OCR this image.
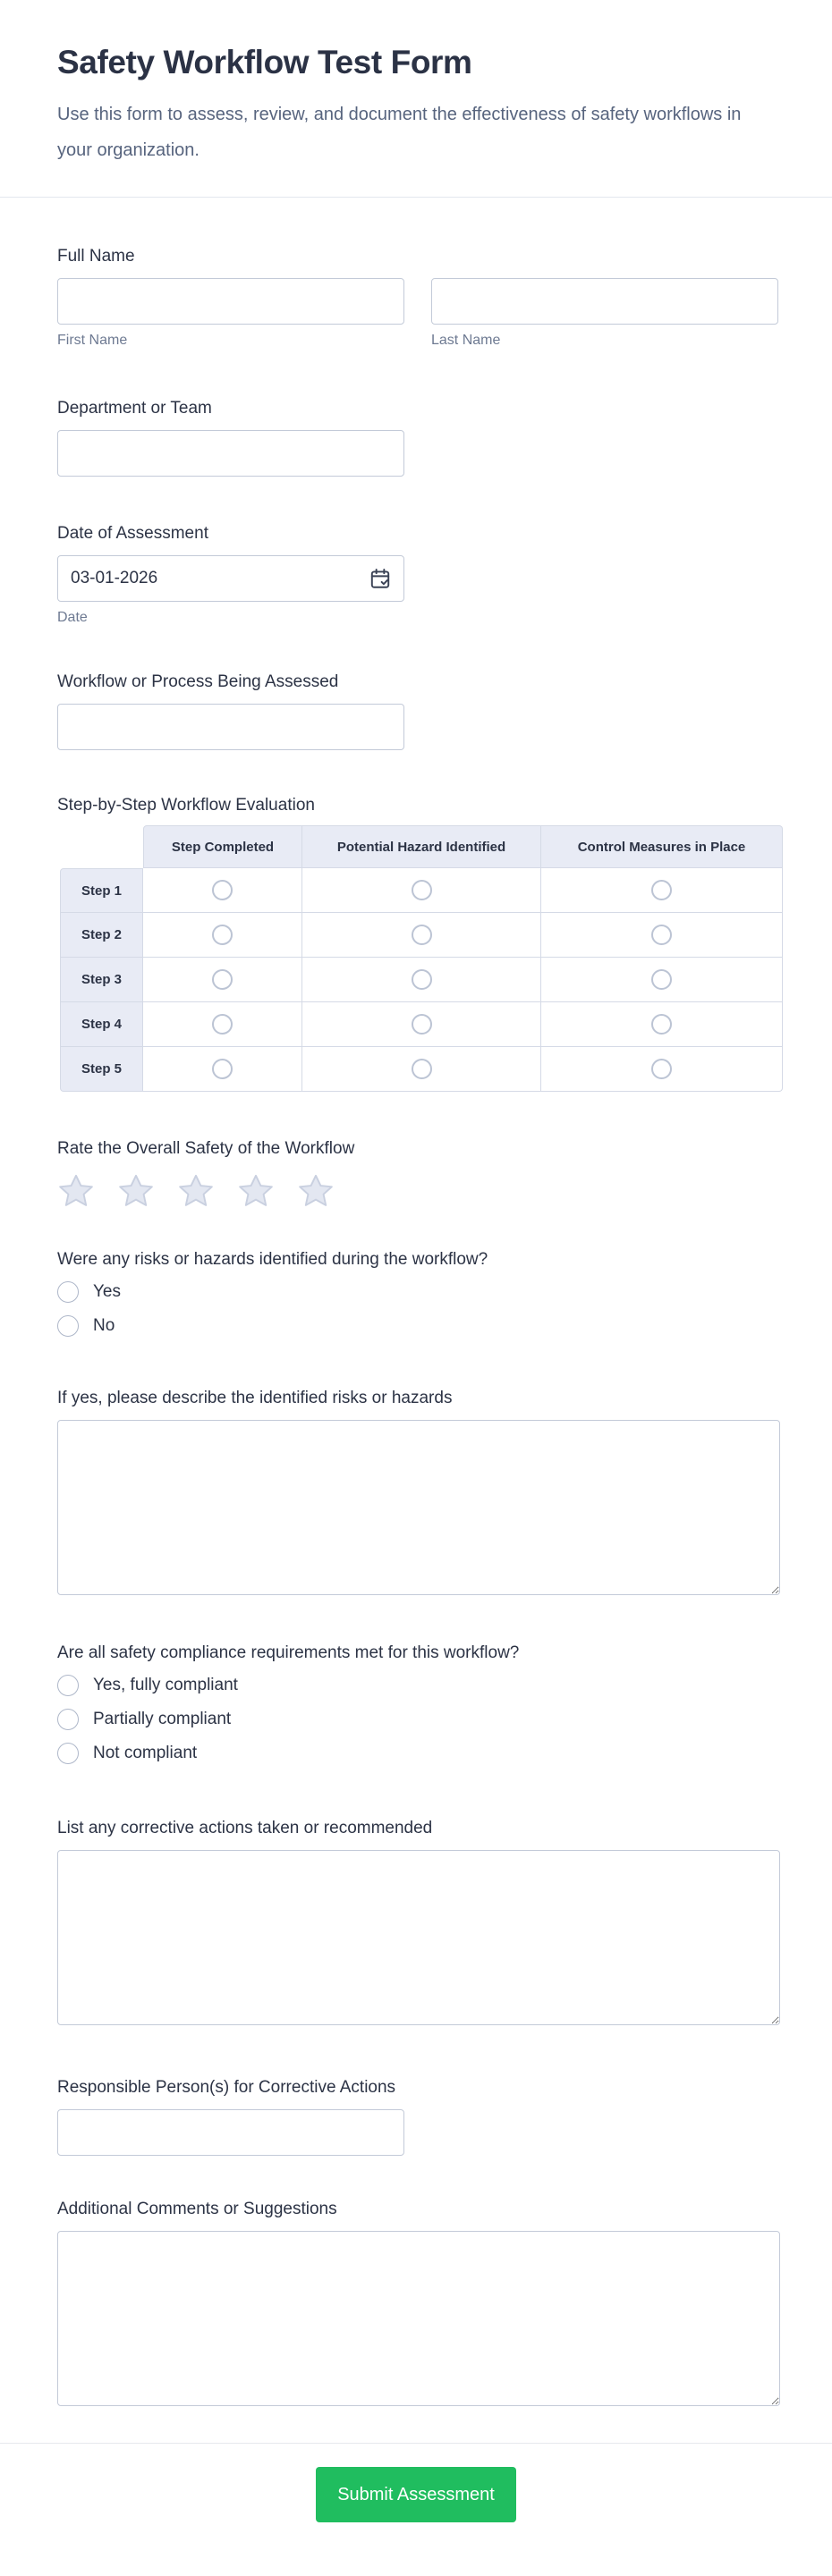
Safety Workflow Test Form
Use this form to assess, review, and document the effectiveness of safety workflows in your organization.
Full Name
First Name	Last Name
Department or Team
Date of Assessment
03-01-2026
Date
Workflow or Process Being Assessed
Step-by-Step Workflow Evaluation
Step Completed	Potential Hazard Identified	Control Measures in Place
Step 1
Step 2
Step 3
Step 4
Step 5
Rate the Overall Safety of the Workflow
Were any risks or hazards identified during the workflow?
Yes
No
If yes, please describe the identified risks or hazards
Are all safety compliance requirements met for this workflow?
Yes, fully compliant
Partially compliant
Not compliant
List any corrective actions taken or recommended
Responsible Person(s) for Corrective Actions
Additional Comments or Suggestions
Submit Assessment
